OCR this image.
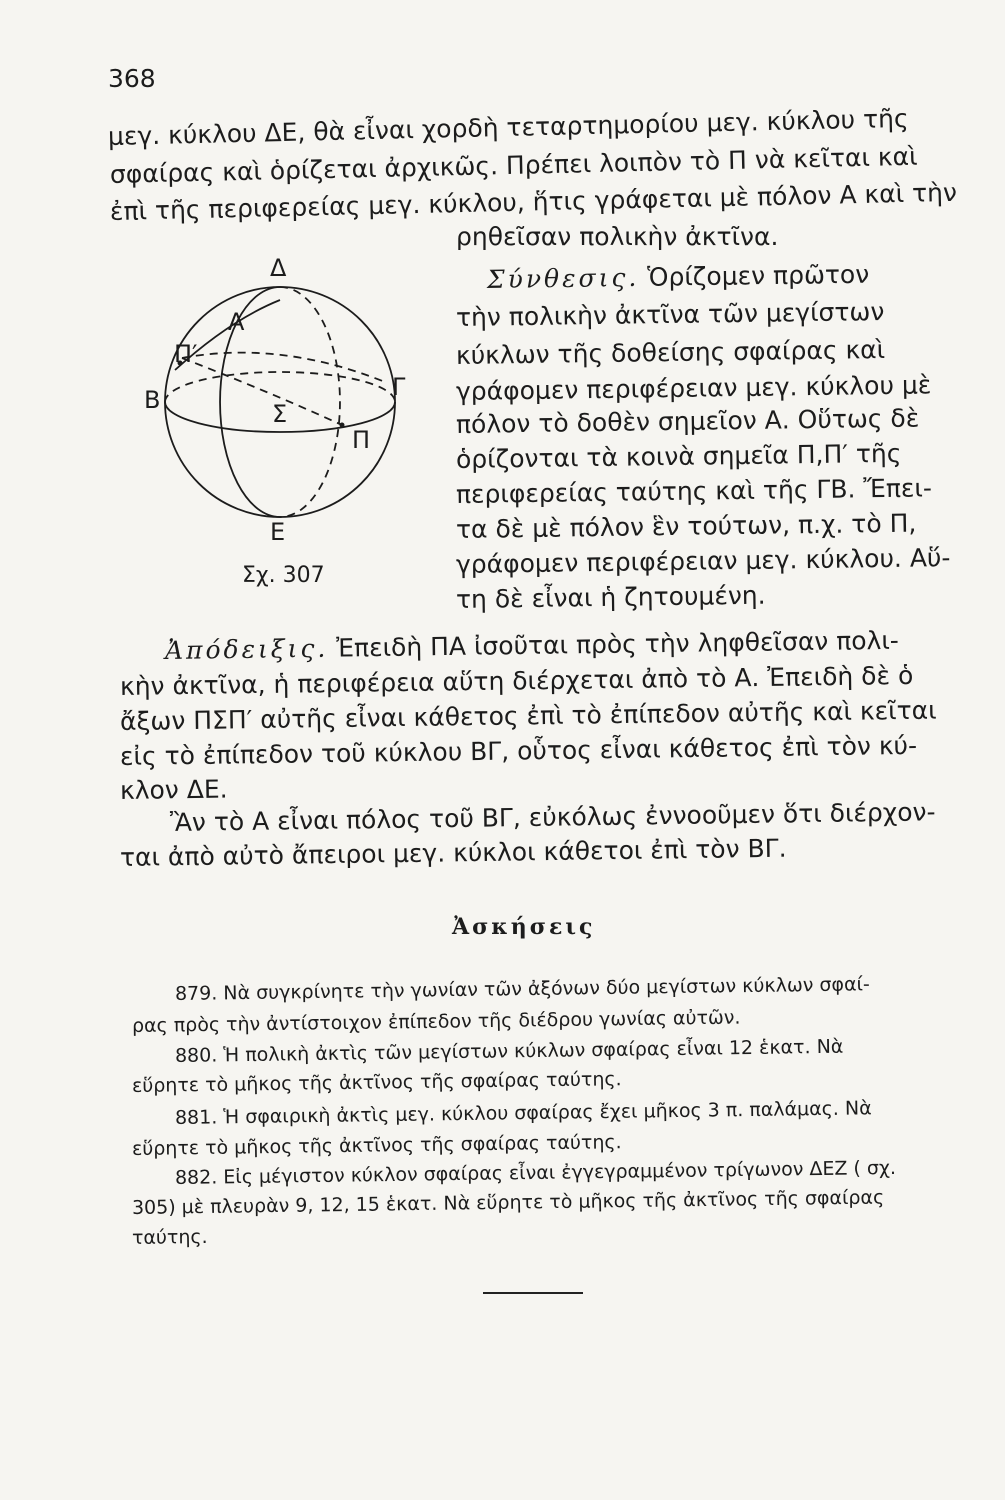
368
μεγ. κύκλου ΔΕ, θὰ εἶναι χορδὴ τεταρτημορίου μεγ. κύκλου τῆς
σφαίρας καὶ ὁρίζεται ἀρχικῶς. Πρέπει λοιπὸν τὸ Π νὰ κεῖται καὶ
ἐπὶ τῆς περιφερείας μεγ. κύκλου, ἥτις γράφεται μὲ πόλον Α καὶ τὴν
ρηθεῖσαν πολικὴν ἀκτῖνα.
Δ
Α
Π′
Β	Γ
Σ
Π
Ε
Σχ. 307
Σύνθεσις. Ὁρίζομεν πρῶτον
τὴν πολικὴν ἀκτῖνα τῶν μεγίστων
κύκλων τῆς δοθείσης σφαίρας καὶ
γράφομεν περιφέρειαν μεγ. κύκλου μὲ
πόλον τὸ δοθὲν σημεῖον Α. Οὕτως δὲ
ὁρίζονται τὰ κοινὰ σημεῖα Π,Π′ τῆς
περιφερείας ταύτης καὶ τῆς ΓΒ. Ἔπει-
τα δὲ μὲ πόλον ἓν τούτων, π.χ. τὸ Π,
γράφομεν περιφέρειαν μεγ. κύκλου. Αὕ-
τη δὲ εἶναι ἡ ζητουμένη.
Ἀπόδειξις. Ἐπειδὴ ΠΑ ἰσοῦται πρὸς τὴν ληφθεῖσαν πολι-
κὴν ἀκτῖνα, ἡ περιφέρεια αὕτη διέρχεται ἀπὸ τὸ Α. Ἐπειδὴ δὲ ὁ
ἄξων ΠΣΠ′ αὐτῆς εἶναι κάθετος ἐπὶ τὸ ἐπίπεδον αὐτῆς καὶ κεῖται
εἰς τὸ ἐπίπεδον τοῦ κύκλου ΒΓ, οὗτος εἶναι κάθετος ἐπὶ τὸν κύ-
κλον ΔΕ.
Ἂν τὸ Α εἶναι πόλος τοῦ ΒΓ, εὐκόλως ἐννοοῦμεν ὅτι διέρχον-
ται ἀπὸ αὐτὸ ἄπειροι μεγ. κύκλοι κάθετοι ἐπὶ τὸν ΒΓ.
Ἀσκήσεις
879. Νὰ συγκρίνητε τὴν γωνίαν τῶν ἀξόνων δύο μεγίστων κύκλων σφαί-
ρας πρὸς τὴν ἀντίστοιχον ἐπίπεδον τῆς διέδρου γωνίας αὐτῶν.
880. Ἡ πολικὴ ἀκτὶς τῶν μεγίστων κύκλων σφαίρας εἶναι 12 ἑκατ. Νὰ
εὕρητε τὸ μῆκος τῆς ἀκτῖνος τῆς σφαίρας ταύτης.
881. Ἡ σφαιρικὴ ἀκτὶς μεγ. κύκλου σφαίρας ἔχει μῆκος 3 π. παλάμας. Νὰ
εὕρητε τὸ μῆκος τῆς ἀκτῖνος τῆς σφαίρας ταύτης.
882. Εἰς μέγιστον κύκλον σφαίρας εἶναι ἐγγεγραμμένον τρίγωνον ΔΕΖ ( σχ.
305) μὲ πλευρὰν 9, 12, 15 ἑκατ. Νὰ εὕρητε τὸ μῆκος τῆς ἀκτῖνος τῆς σφαίρας
ταύτης.
